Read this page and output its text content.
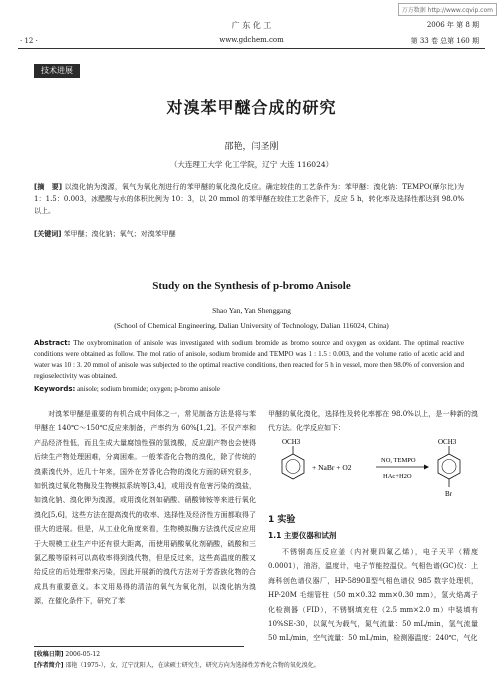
万方数据 http://www.cqvip.com
· 12 ·
广 东 化 工
www.gdchem.com
2006 年 第 8 期
第 33 卷 总第 160 期
技术进展
对溴苯甲醚合成的研究
邵艳，闫圣刚
（大连理工大学 化工学院，辽宁 大连 116024）
[摘　要] 以溴化钠为溴源，氧气为氧化剂进行的苯甲醚的氧化溴化反应。确定较佳的工艺条件为：苯甲醚：溴化钠：TEMPO(摩尔比)为 1：1.5：0.003，冰醋酸与水的体积比例为 10：3，以 20 mmol 的苯甲醚在较佳工艺条件下，反应 5 h，转化率及选择性都达到 98.0%以上。
[关键词] 苯甲醚；溴化钠；氧气；对溴苯甲醚
Study on the Synthesis of p-bromo Anisole
Shao Yan, Yan Shenggang
(School of Chemical Engineering, Dalian University of Technology, Dalian 116024, China)
Abstract: The oxybromination of anisole was investigated with sodium bromide as bromo source and oxygen as oxidant. The optimal reactive conditions were obtained as follow. The mol ratio of anisole, sodium bromide and TEMPO was 1 : 1.5 : 0.003, and the volume ratio of acetic acid and water was 10 : 3. 20 mmol of anisole was subjected to the optimal reactive conditions, then reacted for 5 h in vessel, more then 98.0% of conversion and regioselectivity was obtained.
Keywords: anisole; sodium bromide; oxygen; p-bromo anisole
对溴苯甲醚是重要的有机合成中间体之一，常见制备方法是将与苯甲醚在 140℃～150℃反应来制备，产率约为 60%[1,2]。不仅产率和产品经济性低，而且生成大量腐蚀性强的氢溴酸，反应副产物也会使得后续生产物处理困难，分离困难。一般苯香化合物的溴化，除了传统的溴素溴代外，近几十年来，国外在芳香化合物的溴化方面的研究很多，如钒溴过氧化物酶及生物模拟系统等[3,4]，或用没有危害污染的溴盐，如溴化钠、溴化钾为溴源，或用溴化剂如硝酸、硝酸铈铵等来进行氧化溴化[5,6]，这些方法在提高溴代的收率、选择性及经济性方面都取得了很大的进展。但是，从工业化角度来看，生物模拟酶方法溴代反应应用于大规模工业生产中还有很大距离，而使用硝酸氧化剂硝酸，硫酸和三氯乙酸等原料可以高收率得到溴代物，但是反过来，这些高温度的酸又给反应的后处理带来污染，因此开展新的溴代方法对于芳香族化物的合成具有重要意义。本文用易得的清洁的氧气为氧化剂，以溴化钠为溴源，在催化条件下，研究了苯
甲醚的氧化溴化，选择性及转化率都在 98.0%以上，是一种新的溴代方法。化学反应如下：
OCH3
+ NaBr + O2
NO, TEMPO
HAc+H2O
OCH3
Br
1 实验
1.1 主要仪器和试剂
不锈钢高压反应釜（内衬聚四氟乙烯），电子天平（精度 0.0001），油浴，温度计，电子节能控温仪。气相色谱(GC)仪：上海科创色谱仪器厂，HP-5890Ⅱ型气相色谱仪 985 数字处理机，HP-20M 毛细管柱（50 m×0.32 mm×0.30 mm），氢火焰离子化检测器（FID），不锈钢填充柱（2.5 mm×2.0 m）中装填有10%SE-30，以氮气为载气，氮气流量：50 mL/min，氢气流量 50 mL/min，空气流量：50 mL/min，检测器温度：240℃，气化
[收稿日期] 2006-05-12
[作者简介] 邵艳（1975-），女，辽宁沈阳人，在读硕士研究生，研究方向为选择性芳香化合物的氧化溴化。
